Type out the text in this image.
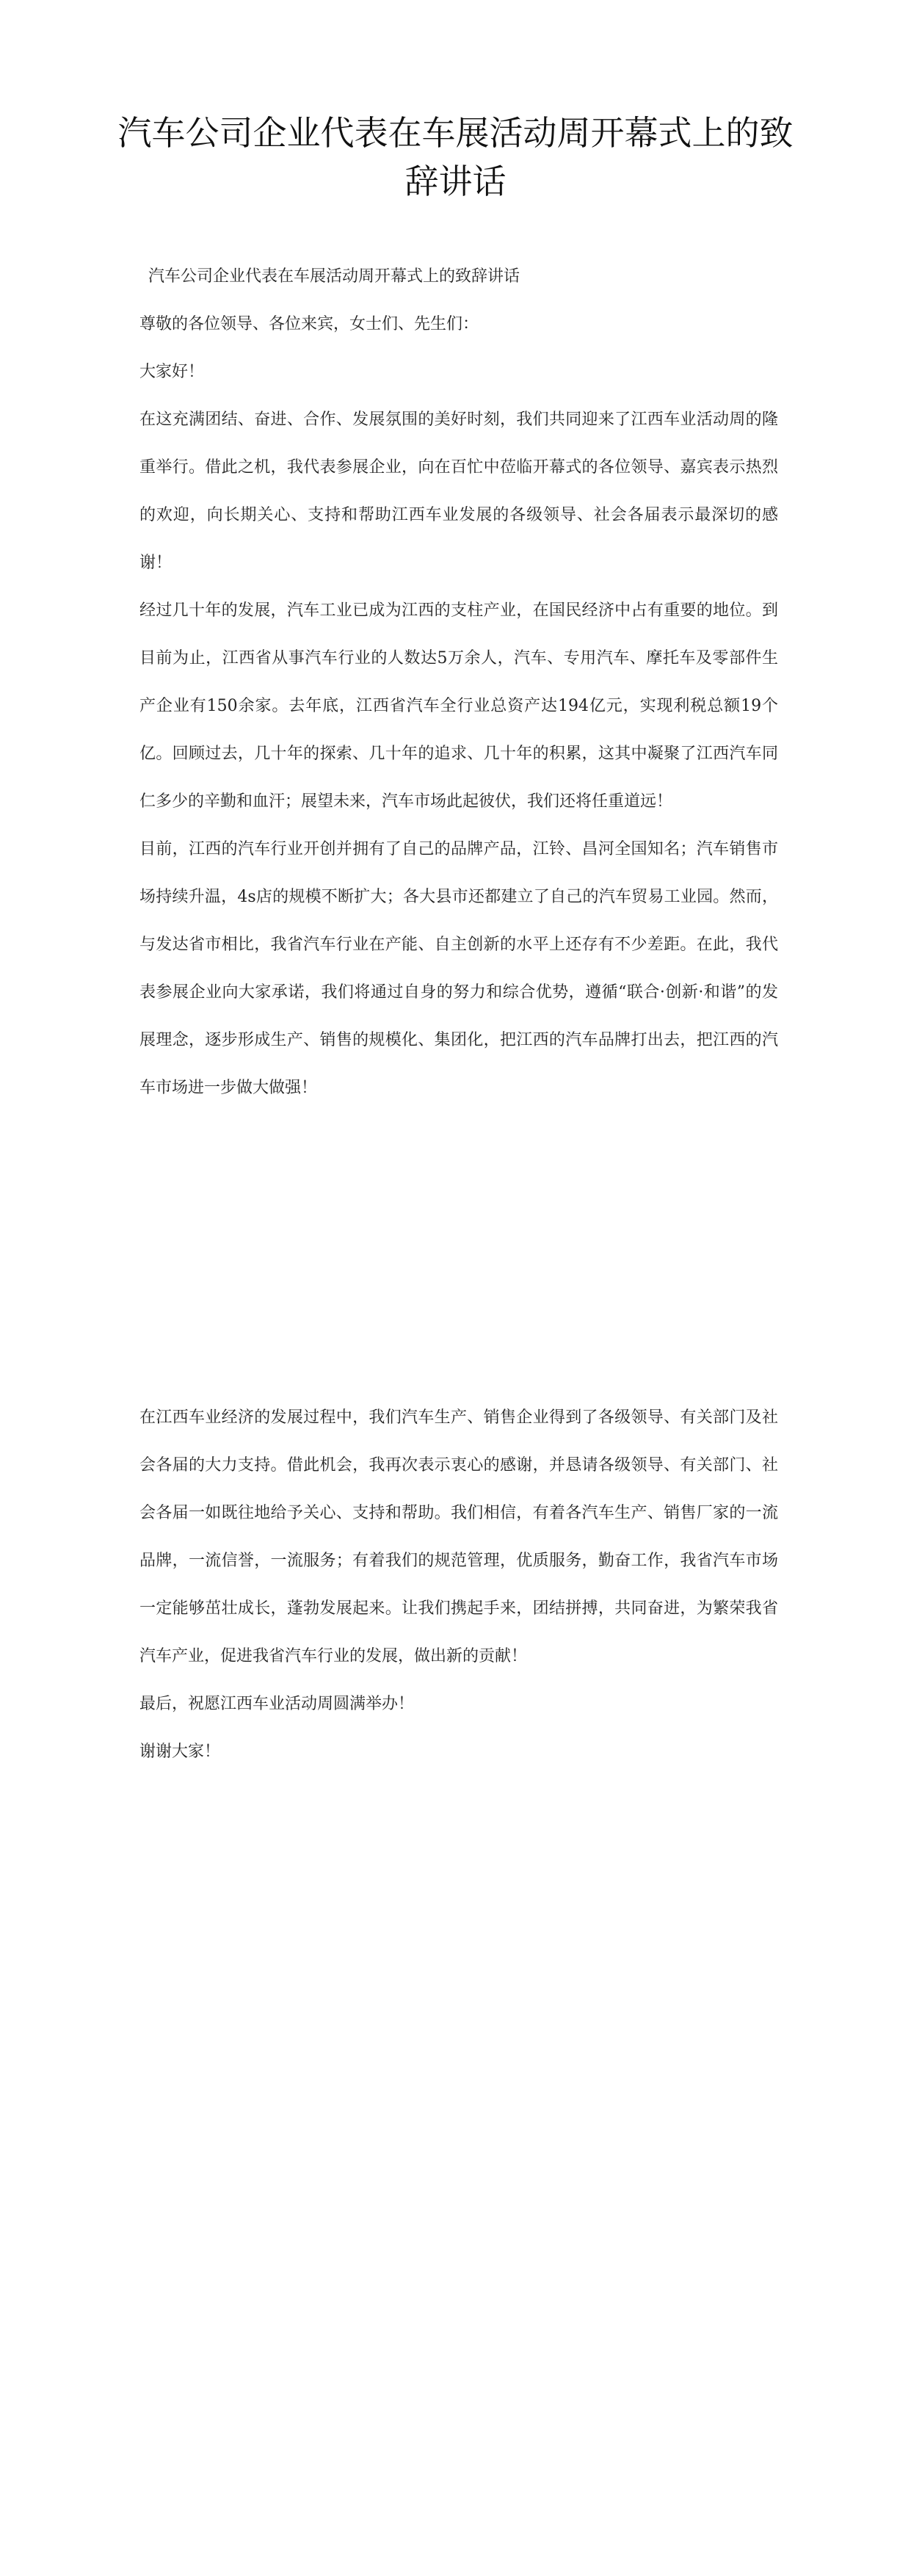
汽车公司企业代表在车展活动周开幕式上的致辞讲话

汽车公司企业代表在车展活动周开幕式上的致辞讲话

尊敬的各位领导、各位来宾，女士们、先生们：

大家好！

在这充满团结、奋进、合作、发展氛围的美好时刻，我们共同迎来了江西车业活动周的隆重举行。借此之机，我代表参展企业，向在百忙中莅临开幕式的各位领导、嘉宾表示热烈的欢迎，向长期关心、支持和帮助江西车业发展的各级领导、社会各届表示最深切的感谢！

经过几十年的发展，汽车工业已成为江西的支柱产业，在国民经济中占有重要的地位。到目前为止，江西省从事汽车行业的人数达5万余人，汽车、专用汽车、摩托车及零部件生产企业有150余家。去年底，江西省汽车全行业总资产达194亿元，实现利税总额19个亿。回顾过去，几十年的探索、几十年的追求、几十年的积累，这其中凝聚了江西汽车同仁多少的辛勤和血汗；展望未来，汽车市场此起彼伏，我们还将任重道远！

目前，江西的汽车行业开创并拥有了自己的品牌产品，江铃、昌河全国知名；汽车销售市场持续升温，4s店的规模不断扩大；各大县市还都建立了自己的汽车贸易工业园。然而，与发达省市相比，我省汽车行业在产能、自主创新的水平上还存有不少差距。在此，我代表参展企业向大家承诺，我们将通过自身的努力和综合优势，遵循“联合·创新·和谐”的发展理念，逐步形成生产、销售的规模化、集团化，把江西的汽车品牌打出去，把江西的汽车市场进一步做大做强！

在江西车业经济的发展过程中，我们汽车生产、销售企业得到了各级领导、有关部门及社会各届的大力支持。借此机会，我再次表示衷心的感谢，并恳请各级领导、有关部门、社会各届一如既往地给予关心、支持和帮助。我们相信，有着各汽车生产、销售厂家的一流品牌，一流信誉，一流服务；有着我们的规范管理，优质服务，勤奋工作，我省汽车市场一定能够茁壮成长，蓬勃发展起来。让我们携起手来，团结拼搏，共同奋进，为繁荣我省汽车产业，促进我省汽车行业的发展，做出新的贡献！

最后，祝愿江西车业活动周圆满举办！

谢谢大家！
